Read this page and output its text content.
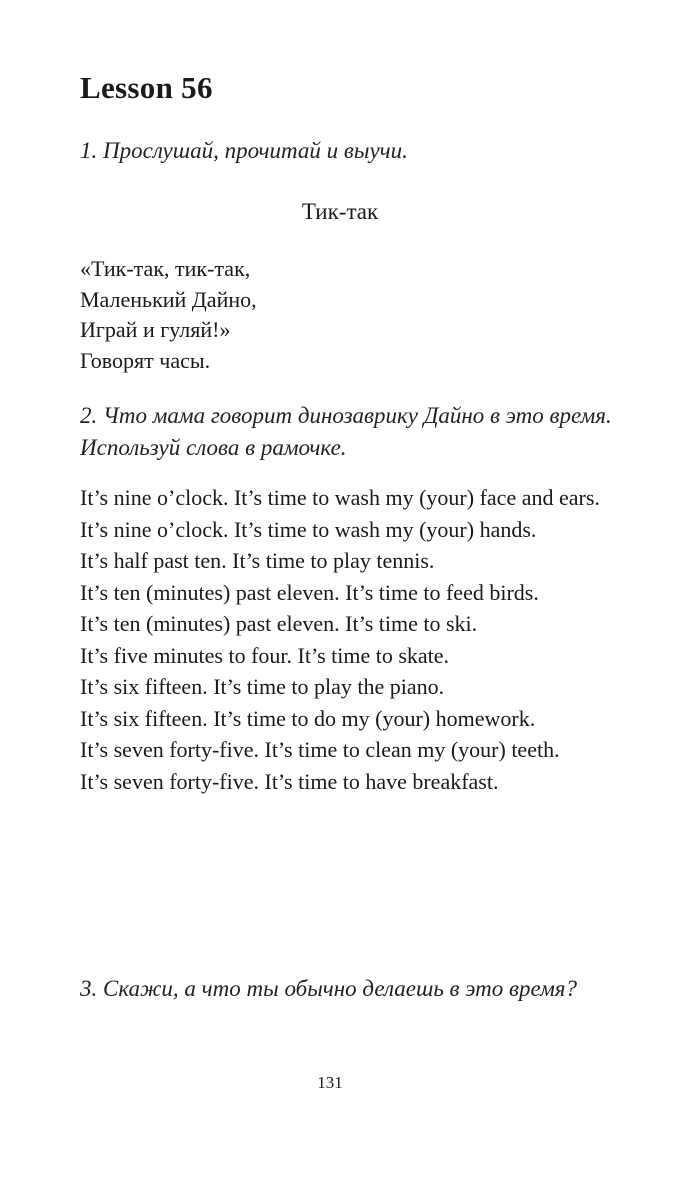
Lesson 56
1. Прослушай, прочитай и выучи.
Тик-так
«Тик-так, тик-так,
Маленький Дайно,
Играй и гуляй!»
Говорят часы.
2. Что мама говорит динозаврику Дайно в это время. Используй слова в рамочке.
It’s nine o’clock. It’s time to wash my (your) face and ears.
It’s nine o’clock. It’s time to wash my (your) hands.
It’s half past ten. It’s time to play tennis.
It’s ten (minutes) past eleven. It’s time to feed birds.
It’s ten (minutes) past eleven. It’s time to ski.
It’s five minutes to four. It’s time to skate.
It’s six fifteen. It’s time to play the piano.
It’s six fifteen. It’s time to do my (your) homework.
It’s seven forty-five. It’s time to clean my (your) teeth.
It’s seven forty-five. It’s time to have breakfast.
3. Скажи, а что ты обычно делаешь в это время?
131
